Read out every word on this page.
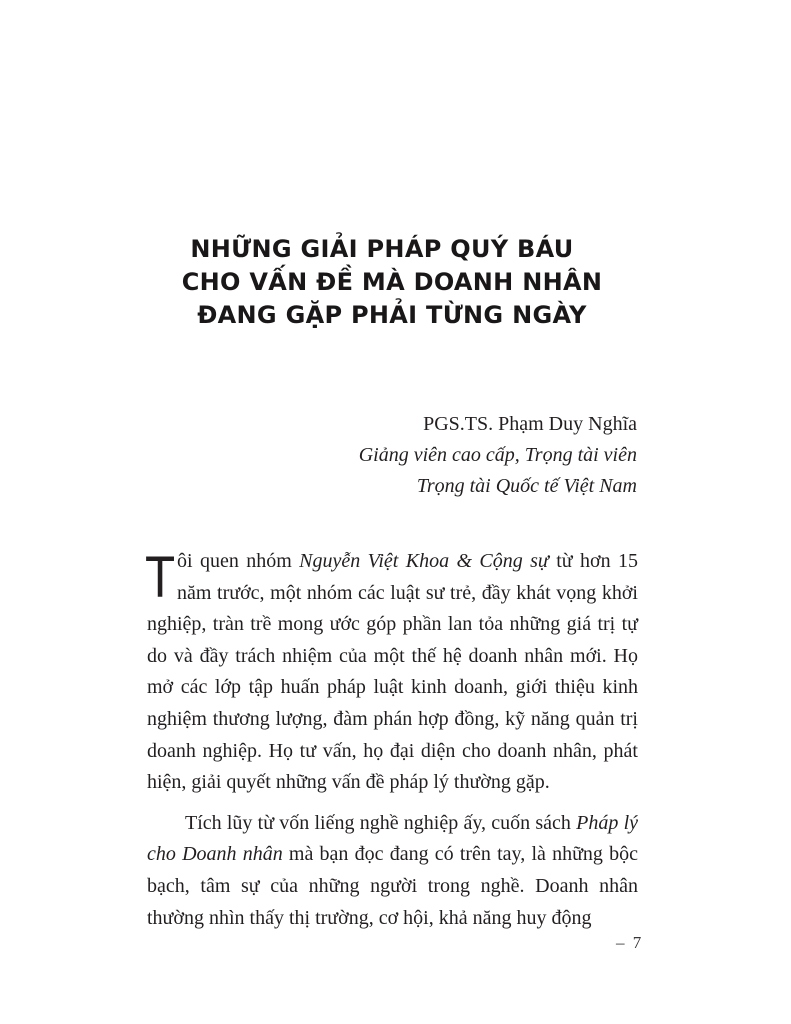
NHỮNG GIẢI PHÁP QUÝ BÁU
CHO VẤN ĐỀ MÀ DOANH NHÂN
ĐANG GẶP PHẢI TỪNG NGÀY
PGS.TS. Phạm Duy Nghĩa
Giảng viên cao cấp, Trọng tài viên
Trọng tài Quốc tế Việt Nam

Tôi quen nhóm Nguyễn Việt Khoa & Cộng sự từ hơn 15 năm trước, một nhóm các luật sư trẻ, đầy khát vọng khởi nghiệp, tràn trề mong ước góp phần lan tỏa những giá trị tự do và đầy trách nhiệm của một thế hệ doanh nhân mới. Họ mở các lớp tập huấn pháp luật kinh doanh, giới thiệu kinh nghiệm thương lượng, đàm phán hợp đồng, kỹ năng quản trị doanh nghiệp. Họ tư vấn, họ đại diện cho doanh nhân, phát hiện, giải quyết những vấn đề pháp lý thường gặp.

Tích lũy từ vốn liếng nghề nghiệp ấy, cuốn sách Pháp lý cho Doanh nhân mà bạn đọc đang có trên tay, là những bộc bạch, tâm sự của những người trong nghề. Doanh nhân thường nhìn thấy thị trường, cơ hội, khả năng huy động

– 7
